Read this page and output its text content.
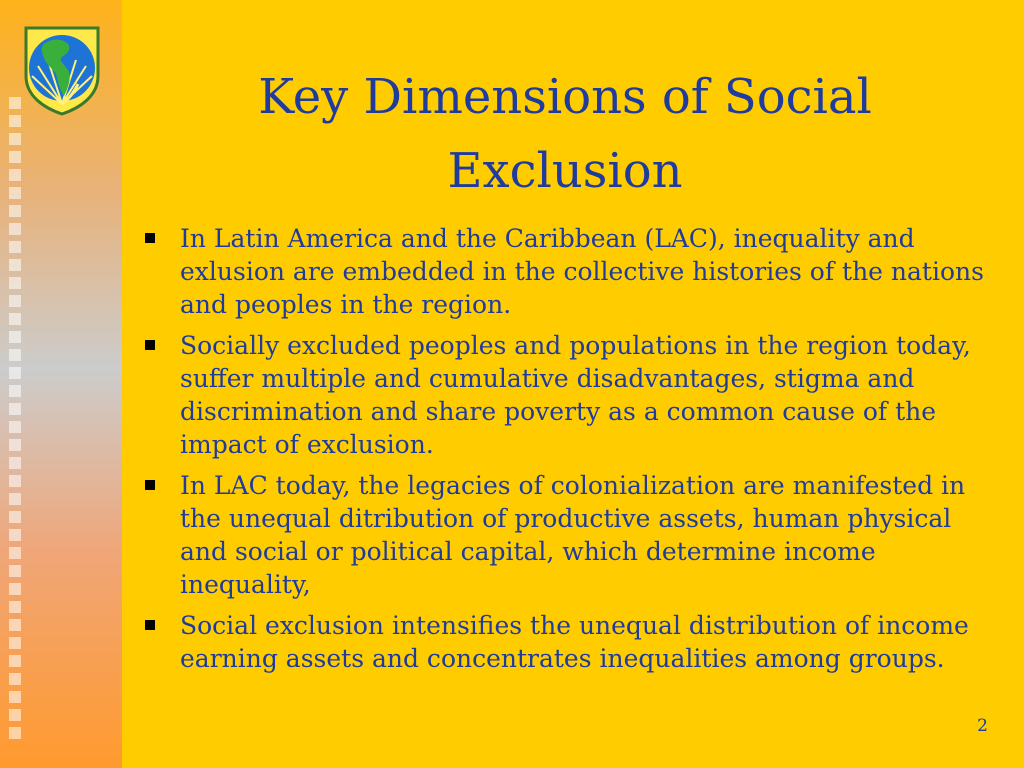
Key Dimensions of Social Exclusion
In Latin America and the Caribbean (LAC), inequality and exlusion are embedded in the collective histories of the nations and peoples in the region.
Socially excluded peoples and populations in the region today, suffer multiple and cumulative disadvantages, stigma and discrimination and share poverty as a common cause of the impact of exclusion.
In LAC today, the legacies of colonialization are manifested in the unequal ditribution of productive assets, human physical and social or political capital, which determine income inequality,
Social exclusion intensifies the unequal distribution of income earning assets and concentrates inequalities among groups.
2
